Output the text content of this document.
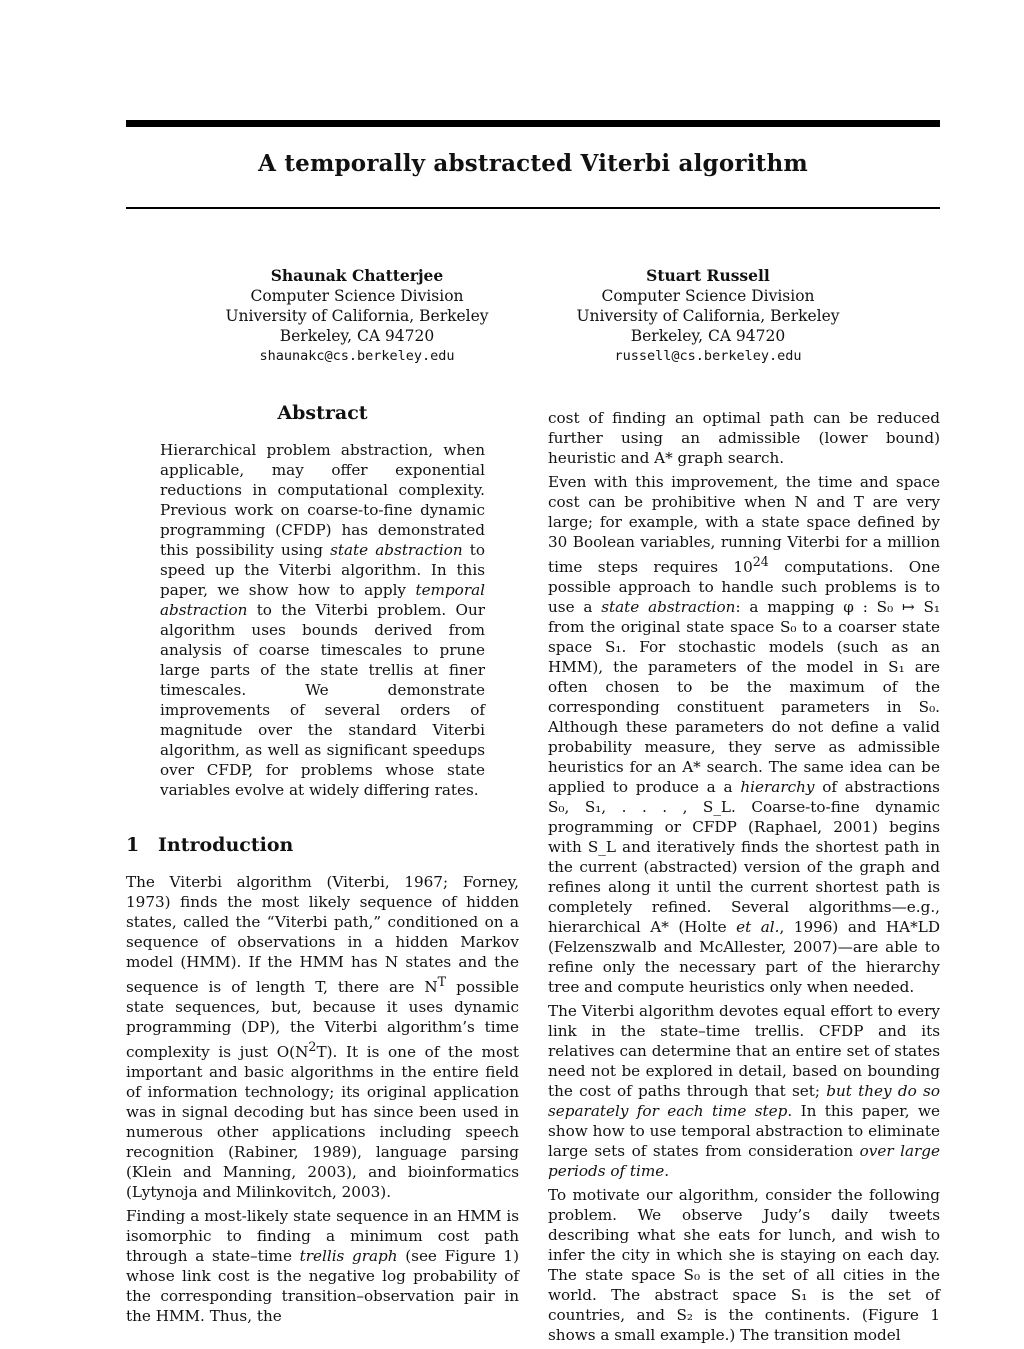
A temporally abstracted Viterbi algorithm
Shaunak Chatterjee
Computer Science Division
University of California, Berkeley
Berkeley, CA 94720
shaunakc@cs.berkeley.edu
Stuart Russell
Computer Science Division
University of California, Berkeley
Berkeley, CA 94720
russell@cs.berkeley.edu
Abstract

Hierarchical problem abstraction, when applicable, may offer exponential reductions in computational complexity. Previous work on coarse-to-fine dynamic programming (CFDP) has demonstrated this possibility using state abstraction to speed up the Viterbi algorithm. In this paper, we show how to apply temporal abstraction to the Viterbi problem. Our algorithm uses bounds derived from analysis of coarse timescales to prune large parts of the state trellis at finer timescales. We demonstrate improvements of several orders of magnitude over the standard Viterbi algorithm, as well as significant speedups over CFDP, for problems whose state variables evolve at widely differing rates.

1 Introduction

The Viterbi algorithm (Viterbi, 1967; Forney, 1973) finds the most likely sequence of hidden states, called the “Viterbi path,” conditioned on a sequence of observations in a hidden Markov model (HMM). If the HMM has N states and the sequence is of length T, there are $N^T$ possible state sequences, but, because it uses dynamic programming (DP), the Viterbi algorithm’s time complexity is just $O(N^2T)$. It is one of the most important and basic algorithms in the entire field of information technology; its original application was in signal decoding but has since been used in numerous other applications including speech recognition (Rabiner, 1989), language parsing (Klein and Manning, 2003), and bioinformatics (Lytynoja and Milinkovitch, 2003).

Finding a most-likely state sequence in an HMM is isomorphic to finding a minimum cost path through a state–time trellis graph (see Figure 1) whose link cost is the negative log probability of the corresponding transition–observation pair in the HMM. Thus, the

cost of finding an optimal path can be reduced further using an admissible (lower bound) heuristic and A* graph search.

Even with this improvement, the time and space cost can be prohibitive when N and T are very large; for example, with a state space defined by 30 Boolean variables, running Viterbi for a million time steps requires $10^{24}$ computations. One possible approach to handle such problems is to use a state abstraction: a mapping φ : S₀ ↦ S₁ from the original state space S₀ to a coarser state space S₁. For stochastic models (such as an HMM), the parameters of the model in S₁ are often chosen to be the maximum of the corresponding constituent parameters in S₀. Although these parameters do not define a valid probability measure, they serve as admissible heuristics for an A* search. The same idea can be applied to produce a a hierarchy of abstractions S₀, S₁, . . . , S_L. Coarse-to-fine dynamic programming or CFDP (Raphael, 2001) begins with S_L and iteratively finds the shortest path in the current (abstracted) version of the graph and refines along it until the current shortest path is completely refined. Several algorithms—e.g., hierarchical A* (Holte et al., 1996) and HA*LD (Felzenszwalb and McAllester, 2007)—are able to refine only the necessary part of the hierarchy tree and compute heuristics only when needed.

The Viterbi algorithm devotes equal effort to every link in the state–time trellis. CFDP and its relatives can determine that an entire set of states need not be explored in detail, based on bounding the cost of paths through that set; but they do so separately for each time step. In this paper, we show how to use temporal abstraction to eliminate large sets of states from consideration over large periods of time.

To motivate our algorithm, consider the following problem. We observe Judy’s daily tweets describing what she eats for lunch, and wish to infer the city in which she is staying on each day. The state space S₀ is the set of all cities in the world. The abstract space S₁ is the set of countries, and S₂ is the continents. (Figure 1 shows a small example.) The transition model
